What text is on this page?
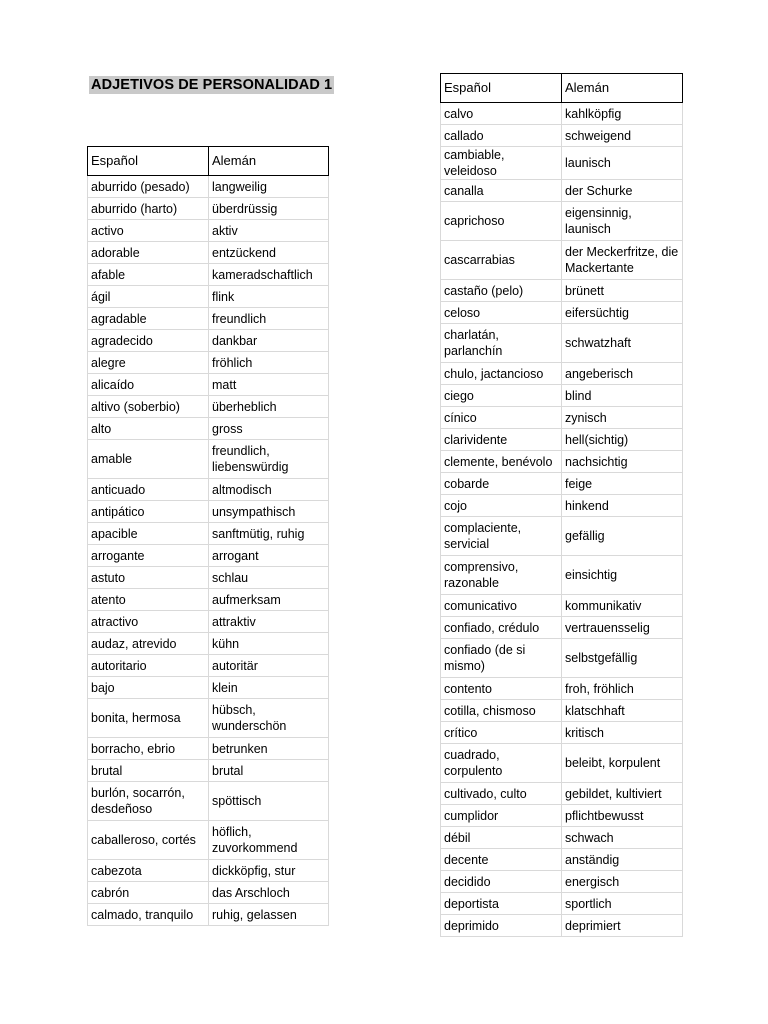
ADJETIVOS DE PERSONALIDAD 1
Español	Alemán
aburrido (pesado)	langweilig
aburrido (harto)	überdrüssig
activo	aktiv
adorable	entzückend
afable	kameradschaftlich
ágil	flink
agradable	freundlich
agradecido	dankbar
alegre	fröhlich
alicaído	matt
altivo (soberbio)	überheblich
alto	gross
amable	freundlich, liebenswürdig
anticuado	altmodisch
antipático	unsympathisch
apacible	sanftmütig, ruhig
arrogante	arrogant
astuto	schlau
atento	aufmerksam
atractivo	attraktiv
audaz, atrevido	kühn
autoritario	autoritär
bajo	klein
bonita, hermosa	hübsch, wunderschön
borracho, ebrio	betrunken
brutal	brutal
burlón, socarrón, desdeñoso	spöttisch
caballeroso, cortés	höflich, zuvorkommend
cabezota	dickköpfig, stur
cabrón	das Arschloch
calmado, tranquilo	ruhig, gelassen
Español	Alemán
calvo	kahlköpfig
callado	schweigend
cambiable, veleidoso	launisch
canalla	der Schurke
caprichoso	eigensinnig, launisch
cascarrabias	der Meckerfritze, die Mackertante
castaño (pelo)	brünett
celoso	eifersüchtig
charlatán, parlanchín	schwatzhaft
chulo, jactancioso	angeberisch
ciego	blind
cínico	zynisch
clarividente	hell(sichtig)
clemente, benévolo	nachsichtig
cobarde	feige
cojo	hinkend
complaciente, servicial	gefällig
comprensivo, razonable	einsichtig
comunicativo	kommunikativ
confiado, crédulo	vertrauensselig
confiado (de si mismo)	selbstgefällig
contento	froh, fröhlich
cotilla, chismoso	klatschhaft
crítico	kritisch
cuadrado, corpulento	beleibt, korpulent
cultivado, culto	gebildet, kultiviert
cumplidor	pflichtbewusst
débil	schwach
decente	anständig
decidido	energisch
deportista	sportlich
deprimido	deprimiert
